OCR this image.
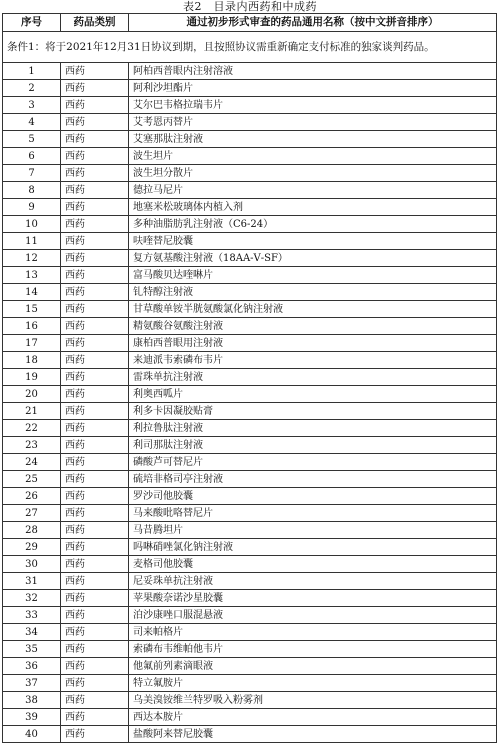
表2　目录内西药和中成药
序号	药品类别	通过初步形式审查的药品通用名称（按中文拼音排序）
条件1：将于2021年12月31日协议到期，且按照协议需重新确定支付标准的独家谈判药品。		
1	西药	阿柏西普眼内注射溶液
2	西药	阿利沙坦酯片
3	西药	艾尔巴韦格拉瑞韦片
4	西药	艾考恩丙替片
5	西药	艾塞那肽注射液
6	西药	波生坦片
7	西药	波生坦分散片
8	西药	德拉马尼片
9	西药	地塞米松玻璃体内植入剂
10	西药	多种油脂肪乳注射液（C6-24）
11	西药	呋喹替尼胶囊
12	西药	复方氨基酸注射液（18AA-Ⅴ-SF）
13	西药	富马酸贝达喹啉片
14	西药	钆特醇注射液
15	西药	甘草酸单铵半胱氨酸氯化钠注射液
16	西药	精氨酸谷氨酸注射液
17	西药	康柏西普眼用注射液
18	西药	来迪派韦索磷布韦片
19	西药	雷珠单抗注射液
20	西药	利奥西呱片
21	西药	利多卡因凝胶贴膏
22	西药	利拉鲁肽注射液
23	西药	利司那肽注射液
24	西药	磷酸芦可替尼片
25	西药	硫培非格司亭注射液
26	西药	罗沙司他胶囊
27	西药	马来酸吡咯替尼片
28	西药	马昔腾坦片
29	西药	吗啉硝唑氯化钠注射液
30	西药	麦格司他胶囊
31	西药	尼妥珠单抗注射液
32	西药	苹果酸奈诺沙星胶囊
33	西药	泊沙康唑口服混悬液
34	西药	司来帕格片
35	西药	索磷布韦维帕他韦片
36	西药	他氟前列素滴眼液
37	西药	特立氟胺片
38	西药	乌美溴铵维兰特罗吸入粉雾剂
39	西药	西达本胺片
40	西药	盐酸阿来替尼胶囊
